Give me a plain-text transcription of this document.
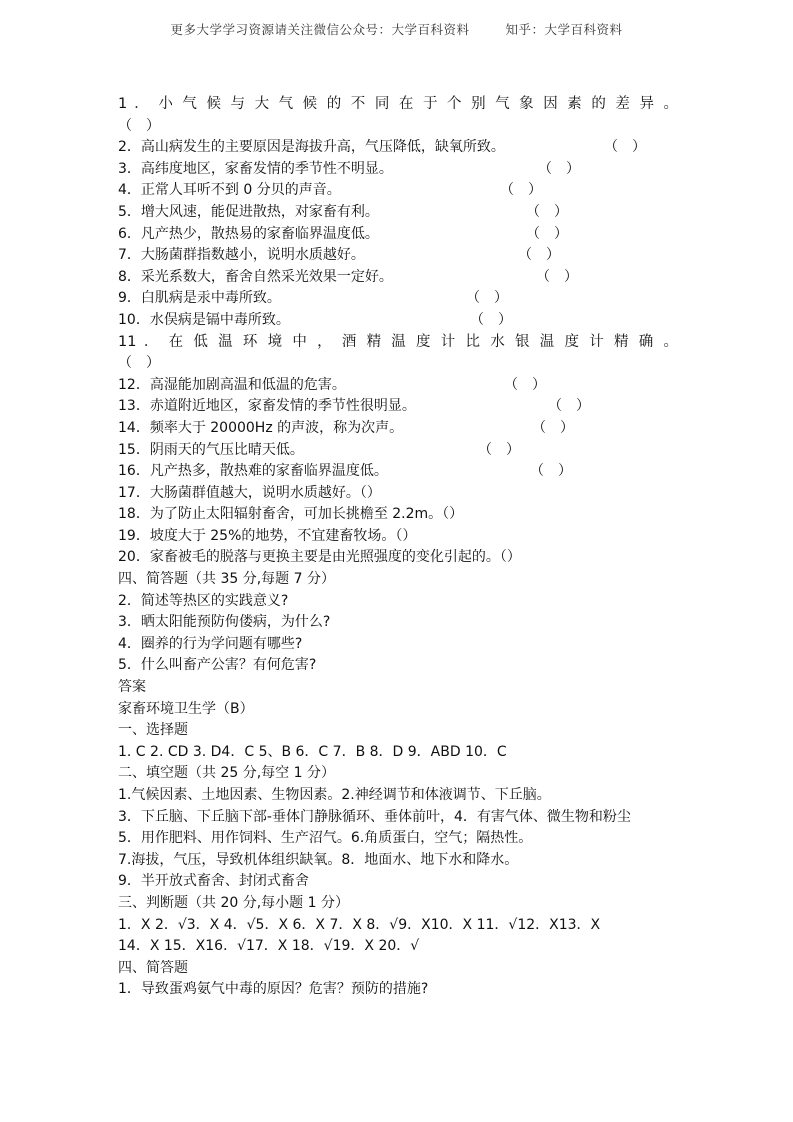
更多大学学习资源请关注微信公众号：大学百科资料	知乎：大学百科资料
1 ． 小 气 候 与 大 气 候 的 不 同 在 于 个 别 气 象 因 素 的 差 异 。
（　）
2．高山病发生的主要原因是海拔升高，气压降低，缺氧所致。	（　）
3．高纬度地区，家畜发情的季节性不明显。	（　）
4．正常人耳听不到 0 分贝的声音。	（　）
5．增大风速，能促进散热，对家畜有利。	（　）
6．凡产热少，散热易的家畜临界温度低。	（　）
7．大肠菌群指数越小，说明水质越好。	（　）
8．采光系数大，畜舍自然采光效果一定好。	（　）
9．白肌病是汞中毒所致。	（　）
10．水俣病是镉中毒所致。	（　）
11 ． 在 低 温 环 境 中 ， 酒 精 温 度 计 比 水 银 温 度 计 精 确 。
（　）
12．高湿能加剧高温和低温的危害。	（　）
13．赤道附近地区，家畜发情的季节性很明显。	（　）
14．频率大于 20000Hz 的声波，称为次声。	（　）
15．阴雨天的气压比晴天低。	（　）
16．凡产热多，散热难的家畜临界温度低。	（　）
17．大肠菌群值越大，说明水质越好。（）
18．为了防止太阳辐射畜舍，可加长挑檐至 2.2m。（）
19．坡度大于 25%的地势，不宜建畜牧场。（）
20．家畜被毛的脱落与更换主要是由光照强度的变化引起的。（）
四、简答题（共 35 分,每题 7 分）
2．简述等热区的实践意义?
3．晒太阳能预防佝偻病，为什么?
4．圈养的行为学问题有哪些?
5．什么叫畜产公害？有何危害?
答案
家畜环境卫生学（B）
一、选择题
1. C 2. CD 3. D4．C 5、B 6．C 7．B 8．D 9．ABD 10．C
二、填空题（共 25 分,每空 1 分）
1.气候因素、土地因素、生物因素。2.神经调节和体液调节、下丘脑。
3．下丘脑、下丘脑下部-垂体门静脉循环、垂体前叶，4．有害气体、微生物和粉尘
5．用作肥料、用作饲料、生产沼气。6.角质蛋白，空气；隔热性。
7.海拔，气压，导致机体组织缺氧。8．地面水、地下水和降水。
9．半开放式畜舍、封闭式畜舍
三、判断题（共 20 分,每小题 1 分）
1．X 2．√3．X 4．√5．X 6．X 7．X 8．√9．X10．X 11．√12．X13．X
14．X 15．X16．√17．X 18．√19．X 20．√
四、简答题
1．导致蛋鸡氨气中毒的原因？危害？预防的措施?
